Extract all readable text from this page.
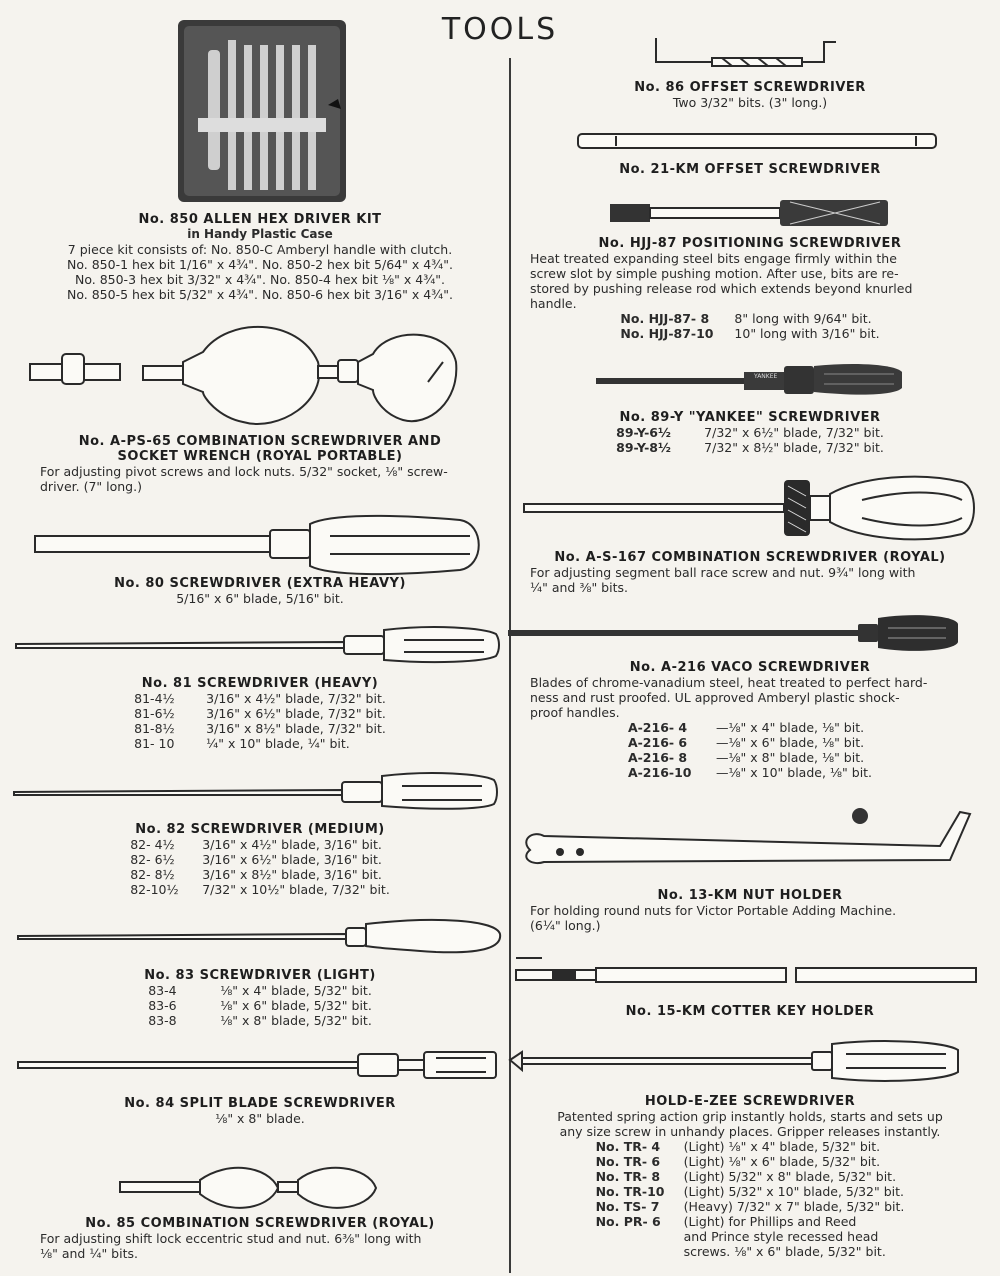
TOOLS
YANKEE
No. 850 ALLEN HEX DRIVER KIT
in Handy Plastic Case
7 piece kit consists of: No. 850-C Amberyl handle with clutch.
No. 850-1 hex bit 1/16" x 4¾". No. 850-2 hex bit 5/64" x 4¾".
No. 850-3 hex bit 3/32" x 4¾". No. 850-4 hex bit ⅛" x 4¾".
No. 850-5 hex bit 5/32" x 4¾". No. 850-6 hex bit 3/16" x 4¾".
No. A-PS-65 COMBINATION SCREWDRIVER AND
SOCKET WRENCH (ROYAL PORTABLE)
For adjusting pivot screws and lock nuts. 5/32" socket, ⅛" screw-
driver. (7" long.)
No. 80 SCREWDRIVER (EXTRA HEAVY)
5/16" x 6" blade, 5/16" bit.
No. 81 SCREWDRIVER (HEAVY)
81-4½	3/16" x 4½" blade, 7/32" bit.
81-6½	3/16" x 6½" blade, 7/32" bit.
81-8½	3/16" x 8½" blade, 7/32" bit.
81- 10	¼" x 10" blade, ¼" bit.
No. 82 SCREWDRIVER (MEDIUM)
82- 4½ 3/16" x 4½" blade, 3/16" bit.
82- 6½ 3/16" x 6½" blade, 3/16" bit.
82- 8½ 3/16" x 8½" blade, 3/16" bit.
82-10½ 7/32" x 10½" blade, 7/32" bit.
No. 83 SCREWDRIVER (LIGHT)
83-4	⅛" x 4" blade, 5/32" bit.
83-6	⅛" x 6" blade, 5/32" bit.
83-8	⅛" x 8" blade, 5/32" bit.
No. 84 SPLIT BLADE SCREWDRIVER
⅛" x 8" blade.
No. 85 COMBINATION SCREWDRIVER (ROYAL)
For adjusting shift lock eccentric stud and nut. 6⅜" long with
⅛" and ¼" bits.
No. 86 OFFSET SCREWDRIVER
Two 3/32" bits. (3" long.)
No. 21-KM OFFSET SCREWDRIVER
No. HJJ-87 POSITIONING SCREWDRIVER
Heat treated expanding steel bits engage firmly within the
screw slot by simple pushing motion. After use, bits are re-
stored by pushing release rod which extends beyond knurled
handle.
No. HJJ-87- 8 8" long with 9/64" bit.
No. HJJ-87-10 10" long with 3/16" bit.
No. 89-Y "YANKEE" SCREWDRIVER
89-Y-6½	7/32" x 6½" blade, 7/32" bit.
89-Y-8½	7/32" x 8½" blade, 7/32" bit.
No. A-S-167 COMBINATION SCREWDRIVER (ROYAL)
For adjusting segment ball race screw and nut. 9¾" long with
¼" and ⅜" bits.
No. A-216 VACO SCREWDRIVER
Blades of chrome-vanadium steel, heat treated to perfect hard-
ness and rust proofed. UL approved Amberyl plastic shock-
proof handles.
A-216- 4 —⅛" x 4" blade, ⅛" bit.
A-216- 6 —⅛" x 6" blade, ⅛" bit.
A-216- 8 —⅛" x 8" blade, ⅛" bit.
A-216-10 —⅛" x 10" blade, ⅛" bit.
No. 13-KM NUT HOLDER
For holding round nuts for Victor Portable Adding Machine.
(6¼" long.)
No. 15-KM COTTER KEY HOLDER
HOLD-E-ZEE SCREWDRIVER
Patented spring action grip instantly holds, starts and sets up
any size screw in unhandy places. Gripper releases instantly.
No. TR- 4 (Light) ⅛" x 4" blade, 5/32" bit.
No. TR- 6 (Light) ⅛" x 6" blade, 5/32" bit.
No. TR- 8 (Light) 5/32" x 8" blade, 5/32" bit.
No. TR-10 (Light) 5/32" x 10" blade, 5/32" bit.
No. TS- 7 (Heavy) 7/32" x 7" blade, 5/32" bit.
No. PR- 6 (Light) for Phillips and Reed
and Prince style recessed head
screws. ⅛" x 6" blade, 5/32" bit.
